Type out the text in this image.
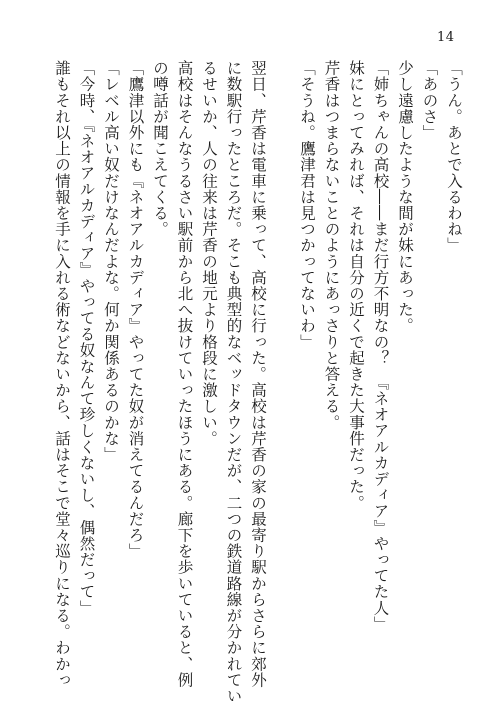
14
「うん。あとで入るわね」
「あのさ」
少し遠慮したような間が妹にあった。
「姉ちゃんの高校――まだ行方不明なの？　『ネオアルカディア』やってた人」
妹にとってみれば、それは自分の近くで起きた大事件だった。
芹香はつまらないことのようにあっさりと答える。
「そうね。鷹津君は見つかってないわ」
翌日、芹香は電車に乗って、高校に行った。高校は芹香の家の最寄り駅からさらに郊外
に数駅行ったところだ。そこも典型的なベッドタウンだが、二つの鉄道路線が分かれてい
るせいか、人の往来は芹香の地元より格段に激しい。
高校はそんなうるさい駅前から北へ抜けていったほうにある。廊下を歩いていると、例
の噂話が聞こえてくる。
「鷹津以外にも『ネオアルカディア』やってた奴が消えてるんだろ」
「レベル高い奴だけなんだよな。何か関係あるのかな」
「今時、『ネオアルカディア』やってる奴なんて珍しくないし、偶然だって」
誰もそれ以上の情報を手に入れる術などないから、話はそこで堂々巡りになる。わかっ
